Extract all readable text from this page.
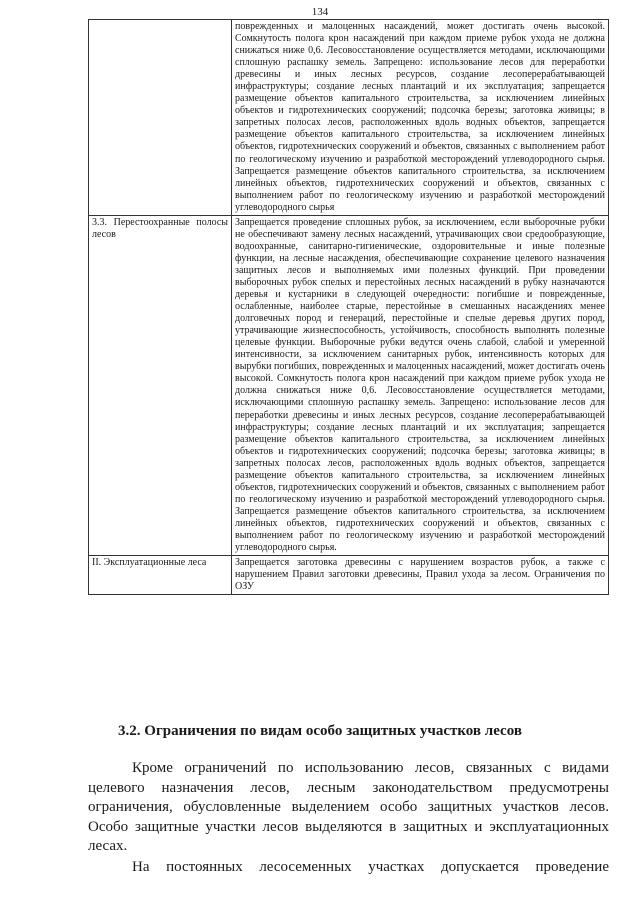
134
	поврежденных и малоценных насаждений, может достигать очень высокой. Сомкнутость полога крон насаждений при каждом приеме рубок ухода не должна снижаться ниже 0,6. Лесовосстановление осуществляется методами, исключающими сплошную распашку земель. Запрещено: использование лесов для переработки древесины и иных лесных ресурсов, создание лесоперерабатывающей инфраструктуры; создание лесных плантаций и их эксплуатация; запрещается размещение объектов капитального строительства, за исключением линейных объектов и гидротехнических сооружений; подсочка березы; заготовка живицы; в запретных полосах лесов, расположенных вдоль водных объектов, запрещается размещение объектов капитального строительства, за исключением линейных объектов, гидротехнических сооружений и объектов, связанных с выполнением работ по геологическому изучению и разработкой месторождений углеводородного сырья. Запрещается размещение объектов капитального строительства, за исключением линейных объектов, гидротехнических сооружений и объектов, связанных с выполнением работ по геологическому изучению и разработкой месторождений углеводородного сырья
3.3. Перестоохранные полосы лесов	Запрещается проведение сплошных рубок, за исключением, если выборочные рубки не обеспечивают замену лесных насаждений, утрачивающих свои средообразующие, водоохранные, санитарно-гигиенические, оздоровительные и иные полезные функции, на лесные насаждения, обеспечивающие сохранение целевого назначения защитных лесов и выполняемых ими полезных функций. При проведении выборочных рубок спелых и перестойных лесных насаждений в рубку назначаются деревья и кустарники в следующей очередности: погибшие и поврежденные, ослабленные, наиболее старые, перестойные в смешанных насаждениях менее долговечных пород и генераций, перестойные и спелые деревья других пород, утрачивающие жизнеспособность, устойчивость, способность выполнять полезные целевые функции. Выборочные рубки ведутся очень слабой, слабой и умеренной интенсивности, за исключением санитарных рубок, интенсивность которых для вырубки погибших, поврежденных и малоценных насаждений, может достигать очень высокой. Сомкнутость полога крон насаждений при каждом приеме рубок ухода не должна снижаться ниже 0,6. Лесовосстановление осуществляется методами, исключающими сплошную распашку земель. Запрещено: использование лесов для переработки древесины и иных лесных ресурсов, создание лесоперерабатывающей инфраструктуры; создание лесных плантаций и их эксплуатация; запрещается размещение объектов капитального строительства, за исключением линейных объектов и гидротехнических сооружений; подсочка березы; заготовка живицы; в запретных полосах лесов, расположенных вдоль водных объектов, запрещается размещение объектов капитального строительства, за исключением линейных объектов, гидротехнических сооружений и объектов, связанных с выполнением работ по геологическому изучению и разработкой месторождений углеводородного сырья. Запрещается размещение объектов капитального строительства, за исключением линейных объектов, гидротехнических сооружений и объектов, связанных с выполнением работ по геологическому изучению и разработкой месторождений углеводородного сырья.
II. Эксплуатационные леса	Запрещается заготовка древесины с нарушением возрастов рубок, а также с нарушением Правил заготовки древесины, Правил ухода за лесом. Ограничения по ОЗУ
3.2. Ограничения по видам особо защитных участков лесов

Кроме ограничений по использованию лесов, связанных с видами целевого назначения лесов, лесным законодательством предусмотрены ограничения, обусловленные выделением особо защитных участков лесов. Особо защитные участки лесов выделяются в защитных и эксплуатационных лесах.

На постоянных лесосеменных участках допускается проведение
